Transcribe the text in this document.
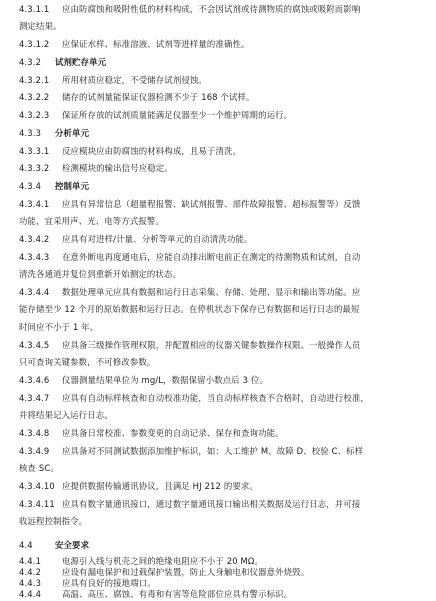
4.3.1.1 应由防腐蚀和吸附性低的材料构成，不会因试剂或待测物质的腐蚀或吸附而影响
测定结果。
4.3.1.2 应保证水样、标准溶液、试剂等进样量的准确性。
4.3.2 试剂贮存单元
4.3.2.1 所用材质应稳定，不受储存试剂侵蚀。
4.3.2.2 储存的试剂量能保证仪器检测不少于 168 个试样。
4.3.2.3 保证所存放的试剂质量能满足仪器至少一个维护周期的运行。
4.3.3 分析单元
4.3.3.1 反应模块应由防腐蚀的材料构成，且易于清洗。
4.3.3.2 检测模块的输出信号应稳定。
4.3.4 控制单元
4.3.4.1 应具有异常信息（超量程报警、缺试剂报警、部件故障报警、超标报警等）反馈
功能，宜采用声、光、电等方式报警。
4.3.4.2 应具有对进样/计量、分析等单元的自动清洗功能。
4.3.4.3 在意外断电再度通电后，应能自动排出断电前正在测定的待测物质和试剂，自动
清洗各通道并复位到重新开始测定的状态。
4.3.4.4 数据处理单元应具有数据和运行日志采集、存储、处理、显示和输出等功能。应
能存储至少 12 个月的原始数据和运行日志。在停机状态下保存已有数据和运行日志的最短
时间应不小于 1 年。
4.3.4.5 应具备三级操作管理权限，并配置相应的仪器关键参数操作权限。一般操作人员
只可查询关键参数，不可修改参数。
4.3.4.6 仪器测量结果单位为 mg/L，数据保留小数点后 3 位。
4.3.4.7 应具有自动标样核查和自动校准功能，当自动标样核查不合格时，自动进行校准，
并将结果记入运行日志。
4.3.4.8 应具备日常校准、参数变更的自动记录、保存和查询功能。
4.3.4.9 应具备对不同测试数据添加维护标识，如：人工维护 M、故障 D、校验 C、标样
核查 SC。
4.3.4.10 应提供数据传输通讯协议，且满足 HJ 212 的要求。
4.3.4.11 应具有数字量通讯接口，通过数字量通讯接口输出相关数据及运行日志，并可接
收远程控制指令。
4.4	安全要求
4.4.1 电源引入线与机壳之间的绝缘电阻应不小于 20 MΩ。
4.4.2 应设有漏电保护和过载保护装置，防止人身触电和仪器意外烧毁。
4.4.3 应具有良好的接地端口。
4.4.4 高温、高压、腐蚀、有毒和有害等危险部位应具有警示标识。
